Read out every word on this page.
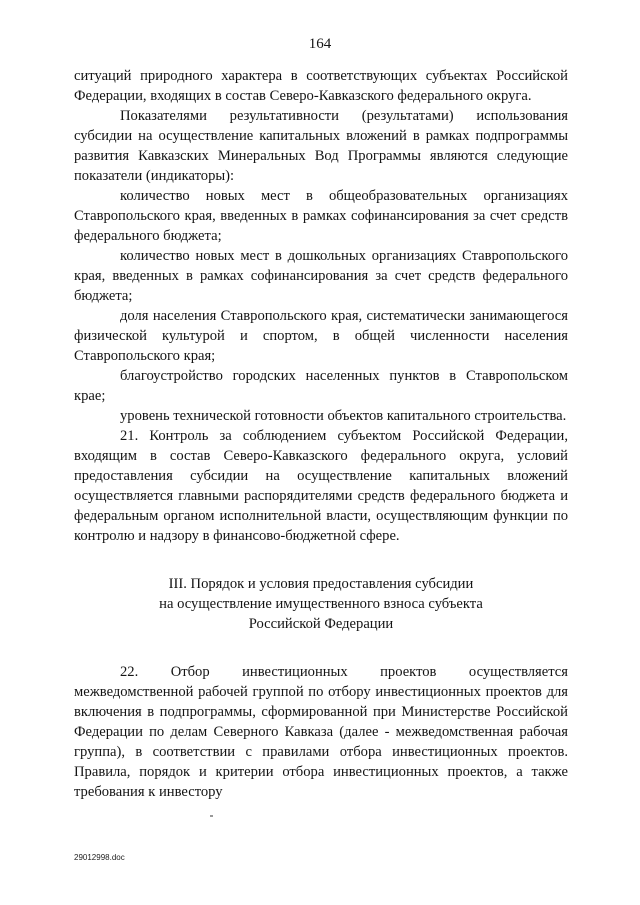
164

ситуаций природного характера в соответствующих субъектах Российской Федерации, входящих в состав Северо-Кавказского федерального округа.

Показателями результативности (результатами) использования субсидии на осуществление капитальных вложений в рамках подпрограммы развития Кавказских Минеральных Вод Программы являются следующие показатели (индикаторы):

количество новых мест в общеобразовательных организациях Ставропольского края, введенных в рамках софинансирования за счет средств федерального бюджета;

количество новых мест в дошкольных организациях Ставропольского края, введенных в рамках софинансирования за счет средств федерального бюджета;

доля населения Ставропольского края, систематически занимающегося физической культурой и спортом, в общей численности населения Ставропольского края;

благоустройство городских населенных пунктов в Ставропольском крае;

уровень технической готовности объектов капитального строительства.

21. Контроль за соблюдением субъектом Российской Федерации, входящим в состав Северо-Кавказского федерального округа, условий предоставления субсидии на осуществление капитальных вложений осуществляется главными распорядителями средств федерального бюджета и федеральным органом исполнительной власти, осуществляющим функции по контролю и надзору в финансово-бюджетной сфере.

III. Порядок и условия предоставления субсидии
на осуществление имущественного взноса субъекта
Российской Федерации

22. Отбор инвестиционных проектов осуществляется межведомственной рабочей группой по отбору инвестиционных проектов для включения в подпрограммы, сформированной при Министерстве Российской Федерации по делам Северного Кавказа (далее - межведомственная рабочая группа), в соответствии с правилами отбора инвестиционных проектов. Правила, порядок и критерии отбора инвестиционных проектов, а также требования к инвестору

29012998.doc
